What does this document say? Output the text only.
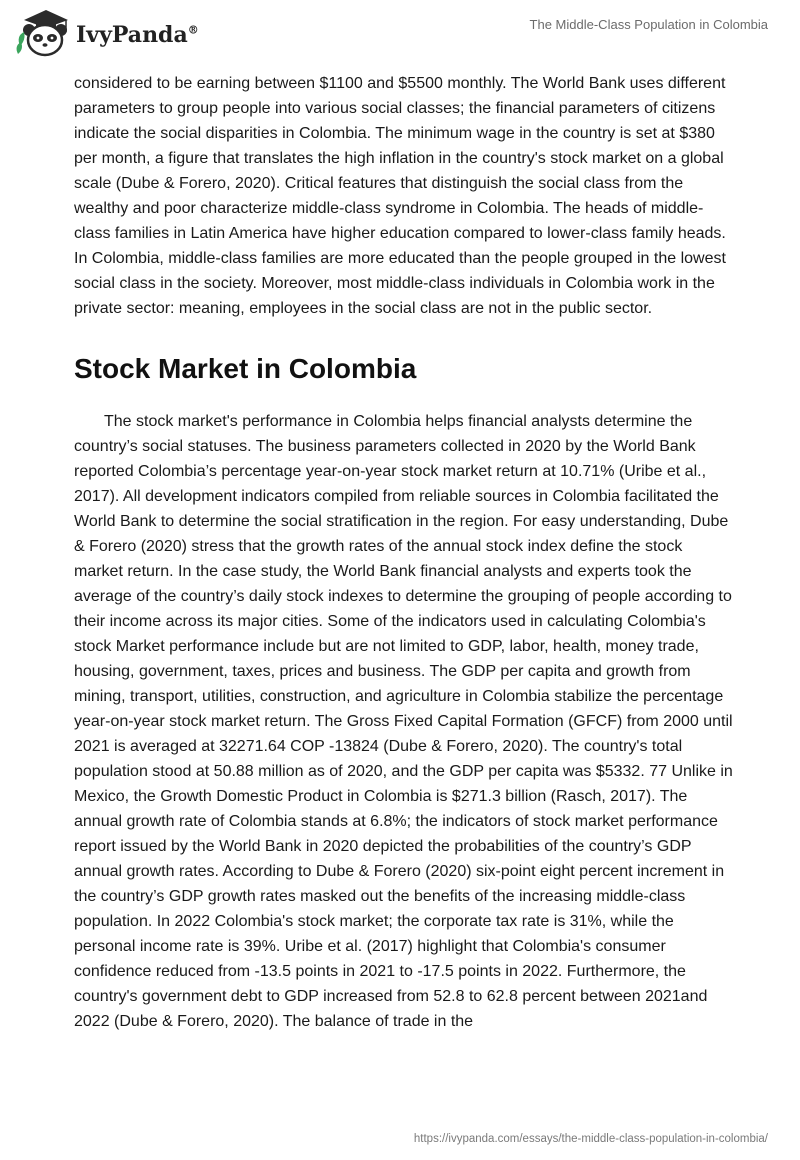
IvyPanda®	The Middle-Class Population in Colombia

considered to be earning between $1100 and $5500 monthly. The World Bank uses different parameters to group people into various social classes; the financial parameters of citizens indicate the social disparities in Colombia. The minimum wage in the country is set at $380 per month, a figure that translates the high inflation in the country's stock market on a global scale (Dube & Forero, 2020). Critical features that distinguish the social class from the wealthy and poor characterize middle-class syndrome in Colombia. The heads of middle-class families in Latin America have higher education compared to lower-class family heads. In Colombia, middle-class families are more educated than the people grouped in the lowest social class in the society. Moreover, most middle-class individuals in Colombia work in the private sector: meaning, employees in the social class are not in the public sector.

Stock Market in Colombia

The stock market's performance in Colombia helps financial analysts determine the country’s social statuses. The business parameters collected in 2020 by the World Bank reported Colombia’s percentage year-on-year stock market return at 10.71% (Uribe et al., 2017). All development indicators compiled from reliable sources in Colombia facilitated the World Bank to determine the social stratification in the region. For easy understanding, Dube & Forero (2020) stress that the growth rates of the annual stock index define the stock market return. In the case study, the World Bank financial analysts and experts took the average of the country’s daily stock indexes to determine the grouping of people according to their income across its major cities. Some of the indicators used in calculating Colombia's stock Market performance include but are not limited to GDP, labor, health, money trade, housing, government, taxes, prices and business. The GDP per capita and growth from mining, transport, utilities, construction, and agriculture in Colombia stabilize the percentage year-on-year stock market return. The Gross Fixed Capital Formation (GFCF) from 2000 until 2021 is averaged at 32271.64 COP -13824 (Dube & Forero, 2020). The country's total population stood at 50.88 million as of 2020, and the GDP per capita was $5332. 77 Unlike in Mexico, the Growth Domestic Product in Colombia is $271.3 billion (Rasch, 2017). The annual growth rate of Colombia stands at 6.8%; the indicators of stock market performance report issued by the World Bank in 2020 depicted the probabilities of the country’s GDP annual growth rates. According to Dube & Forero (2020) six-point eight percent increment in the country’s GDP growth rates masked out the benefits of the increasing middle-class population. In 2022 Colombia's stock market; the corporate tax rate is 31%, while the personal income rate is 39%. Uribe et al. (2017) highlight that Colombia's consumer confidence reduced from -13.5 points in 2021 to -17.5 points in 2022. Furthermore, the country's government debt to GDP increased from 52.8 to 62.8 percent between 2021and 2022 (Dube & Forero, 2020). The balance of trade in the

https://ivypanda.com/essays/the-middle-class-population-in-colombia/
